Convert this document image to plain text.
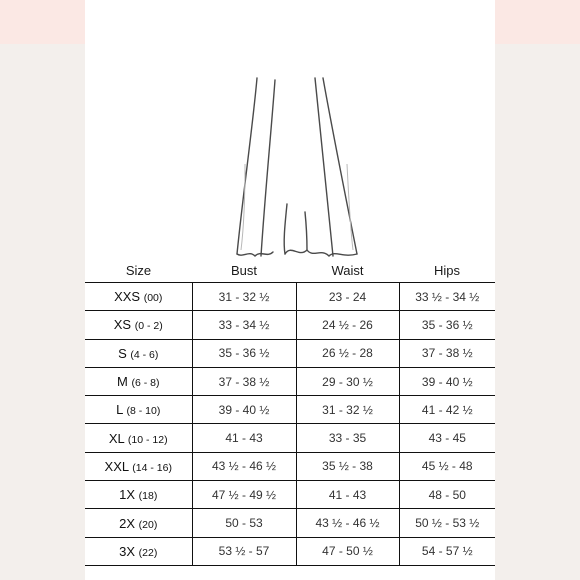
Size	Bust	Waist	Hips
XXS (00)	31 - 32 ½	23 - 24	33 ½ - 34 ½
XS (0 - 2)	33 - 34 ½	24 ½ - 26	35 - 36 ½
S (4 - 6)	35 - 36 ½	26 ½ - 28	37 - 38 ½
M (6 - 8)	37 - 38 ½	29 - 30 ½	39 - 40 ½
L (8 - 10)	39 - 40 ½	31 - 32 ½	41 - 42 ½
XL (10 - 12)	41 - 43	33 - 35	43 - 45
XXL (14 - 16)	43 ½ - 46 ½	35 ½ - 38	45 ½ - 48
1X (18)	47 ½ - 49 ½	41 - 43	48 - 50
2X (20)	50 - 53	43 ½ - 46 ½	50 ½ - 53 ½
3X (22)	53 ½ - 57	47 - 50 ½	54 - 57 ½
